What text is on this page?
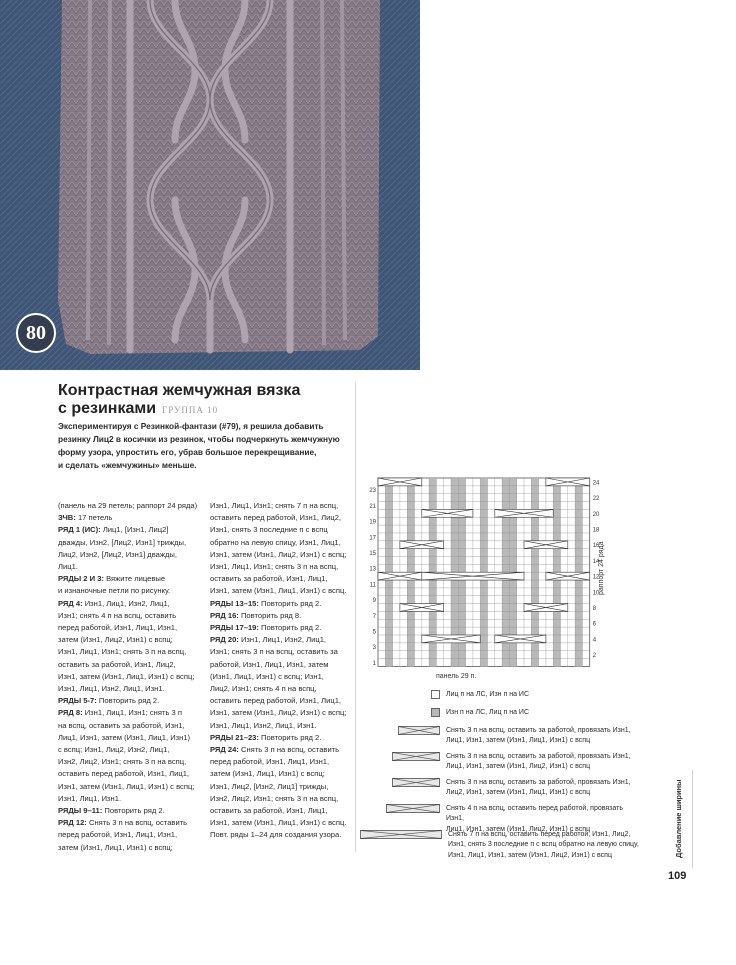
80
Контрастная жемчужная вязка
с резинками ГРУППА 10
Экспериментируя с Резинкой-фантази (#79), я решила добавить
резинку Лиц2 в косички из резинок, чтобы подчеркнуть жемчужную
форму узора, упростить его, убрав большое перекрещивание,
и сделать «жемчужины» меньше.
(панель на 29 петель; раппорт 24 ряда)
ЗЧВ: 17 петель
РЯД 1 (ИС): Лиц1, [Изн1, Лиц2]
дважды, Изн2, [Лиц2, Изн1] трижды,
Лиц2, Изн2, [Лиц2, Изн1] дважды,
Лиц1.
РЯДЫ 2 И 3: Вяжите лицевые
и изнаночные петли по рисунку.
РЯД 4: Изн1, Лиц1, Изн2, Лиц1,
Изн1; снять 4 п на вспц, оставить
перед работой, Изн1, Лиц1, Изн1,
затем (Изн1, Лиц2, Изн1) с вспц;
Изн1, Лиц1, Изн1; снять 3 п на вспц,
оставить за работой, Изн1, Лиц2,
Изн1, затем (Изн1, Лиц1, Изн1) с вспц;
Изн1, Лиц1, Изн2, Лиц1, Изн1.
РЯДЫ 5-7: Повторить ряд 2.
РЯД 8: Изн1, Лиц1, Изн1; снять 3 п
на вспц, оставить за работой, Изн1,
Лиц1, Изн1, затем (Изн1, Лиц1, Изн1)
с вспц; Изн1, Лиц2, Изн2, Лиц1,
Изн2, Лиц2, Изн1; снять 3 п на вспц,
оставить перед работой, Изн1, Лиц1,
Изн1, затем (Изн1, Лиц1, Изн1) с вспц;
Изн1, Лиц1, Изн1.
РЯДЫ 9–11: Повторить ряд 2.
РЯД 12: Снять 3 п на вспц, оставить
перед работой, Изн1, Лиц1, Изн1,
затем (Изн1, Лиц1, Изн1) с вспц;
Изн1, Лиц1, Изн1; снять 7 п на вспц,
оставить перед работой, Изн1, Лиц2,
Изн1, снять 3 последние п с вспц
обратно на левую спицу, Изн1, Лиц1,
Изн1, затем (Изн1, Лиц2, Изн1) с вспц;
Изн1, Лиц1, Изн1; снять 3 п на вспц,
оставить за работой, Изн1, Лиц1,
Изн1, затем (Изн1, Лиц1, Изн1) с вспц.
РЯДЫ 13–15: Повторить ряд 2.
РЯД 16: Повторить ряд 8.
РЯДЫ 17–19: Повторить ряд 2.
РЯД 20: Изн1, Лиц1, Изн2, Лиц1,
Изн1; снять 3 п на вспц, оставить за
работой, Изн1, Лиц1, Изн1, затем
(Изн1, Лиц1, Изн1) с вспц; Изн1,
Лиц2, Изн1; снять 4 п на вспц,
оставить перед работой, Изн1, Лиц1,
Изн1, затем (Изн1, Лиц2, Изн1) с вспц;
Изн1, Лиц1, Изн2, Лиц1, Изн1.
РЯДЫ 21–23: Повторить ряд 2.
РЯД 24: Снять 3 п на вспц, оставить
перед работой, Изн1, Лиц1, Изн1,
затем (Изн1, Лиц1, Изн1) с вспц;
Изн1, Лиц2, [Изн2, Лиц1] трижды,
Изн2, Лиц2, Изн1; снять 3 п на вспц,
оставить за работой, Изн1, Лиц1,
Изн1, затем (Изн1, Лиц1, Изн1) с вспц.
Повт. ряды 1–24 для создания узора.
23
21
19
17
15
13
11
9
7
5
3
1
24
22
20
18
16
14
12
10
8
6
4
2
панель 29 п.
раппорт 24 ряда
Лиц п на ЛС, Изн п на ИС
Изн п на ЛС, Лиц п на ИС
Снять 3 п на вспц, оставить за работой, провязать Изн1,
Лиц1, Изн1, затем (Изн1, Лиц1, Изн1) с вспц
Снять 3 п на вспц, оставить за работой, провязать Изн1,
Лиц1, Изн1, затем (Изн1, Лиц2, Изн1) с вспц
Снять 3 п на вспц, оставить за работой, провязать Изн1,
Лиц2, Изн1, затем (Изн1, Лиц1, Изн1) с вспц
Снять 4 п на вспц, оставить перед работой, провязать Изн1,
Лиц1, Изн1, затем (Изн1, Лиц2, Изн1) с вспц
Снять 7 п на вспц, оставить перед работой, Изн1, Лиц2,
Изн1, снять 3 последние п с вспц обратно на левую спицу,
Изн1, Лиц1, Изн1, затем (Изн1, Лиц2, Изн1) с вспц	Добавление ширины
109
